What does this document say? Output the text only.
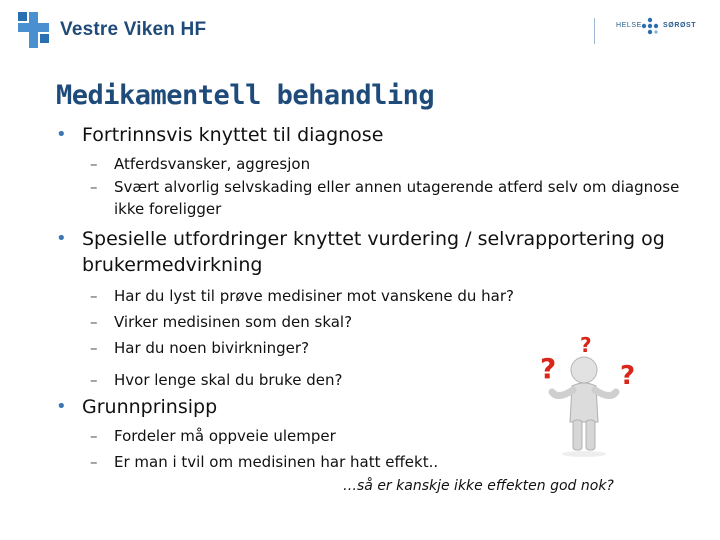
Vestre Viken HF	HELSE	SØRØST
Medikamentell behandling
• Fortrinnsvis knyttet til diagnose
– Atferdsvansker, aggresjon
– Svært alvorlig selvskading eller annen utagerende atferd selv om diagnose ikke foreligger
• Spesielle utfordringer knyttet vurdering / selvrapportering og brukermedvirkning
– Har du lyst til prøve medisiner mot vanskene du har?
– Virker medisinen som den skal?
– Har du noen bivirkninger?
– Hvor lenge skal du bruke den?
• Grunnprinsipp
– Fordeler må oppveie ulemper
– Er man i tvil om medisinen har hatt effekt..
…så er kanskje ikke effekten god nok?
?
?
?
